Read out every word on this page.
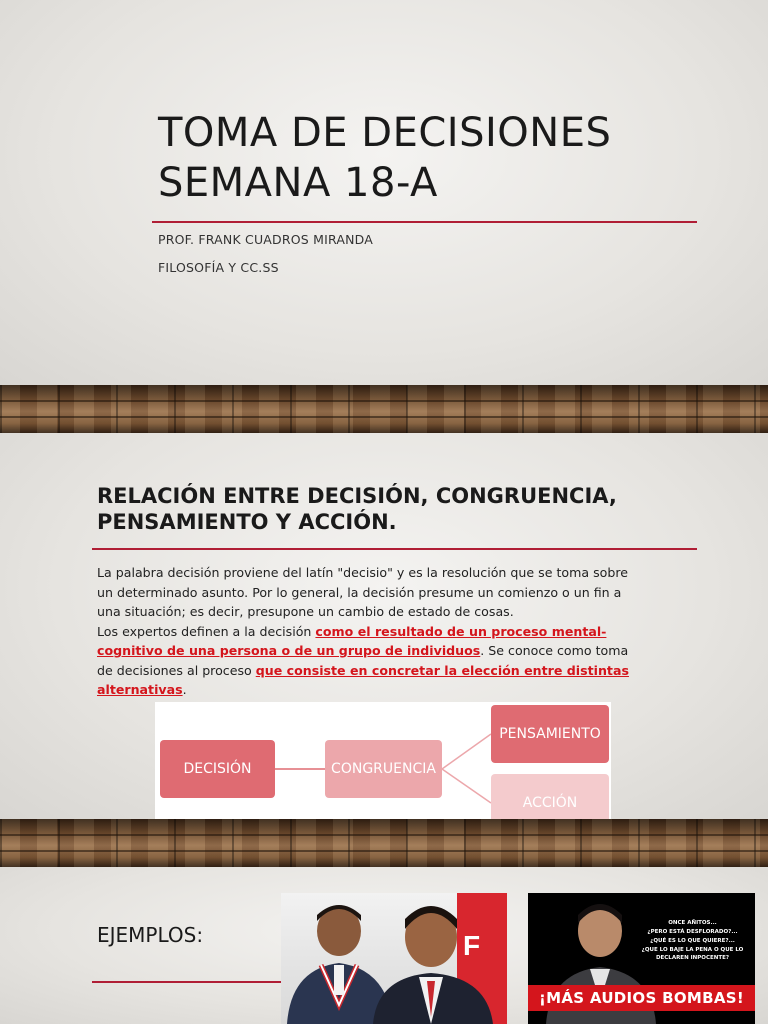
TOMA DE DECISIONES
SEMANA 18-A
PROF. FRANK CUADROS MIRANDA
FILOSOFÍA Y CC.SS
RELACIÓN ENTRE DECISIÓN, CONGRUENCIA,
PENSAMIENTO Y ACCIÓN.

La palabra decisión proviene del latín "decisio" y es la resolución que se toma sobre un determinado asunto. Por lo general, la decisión presume un comienzo o un fin a una situación; es decir, presupone un cambio de estado de cosas.

Los expertos definen a la decisión como el resultado de un proceso mental-cognitivo de una persona o de un grupo de individuos. Se conoce como toma de decisiones al proceso que consiste en concretar la elección entre distintas alternativas.

DECISIÓN	CONGRUENCIA
PENSAMIENTO
ACCIÓN
EJEMPLOS:	F
ONCE AÑITOS...
¿PERO ESTÁ DESFLORADO?...
¿QUÉ ES LO QUE QUIERE?...
¿QUE LO BAJE LA PENA O QUE LO DECLAREN INPOCENTE?
¡MÁS AUDIOS BOMBAS!
